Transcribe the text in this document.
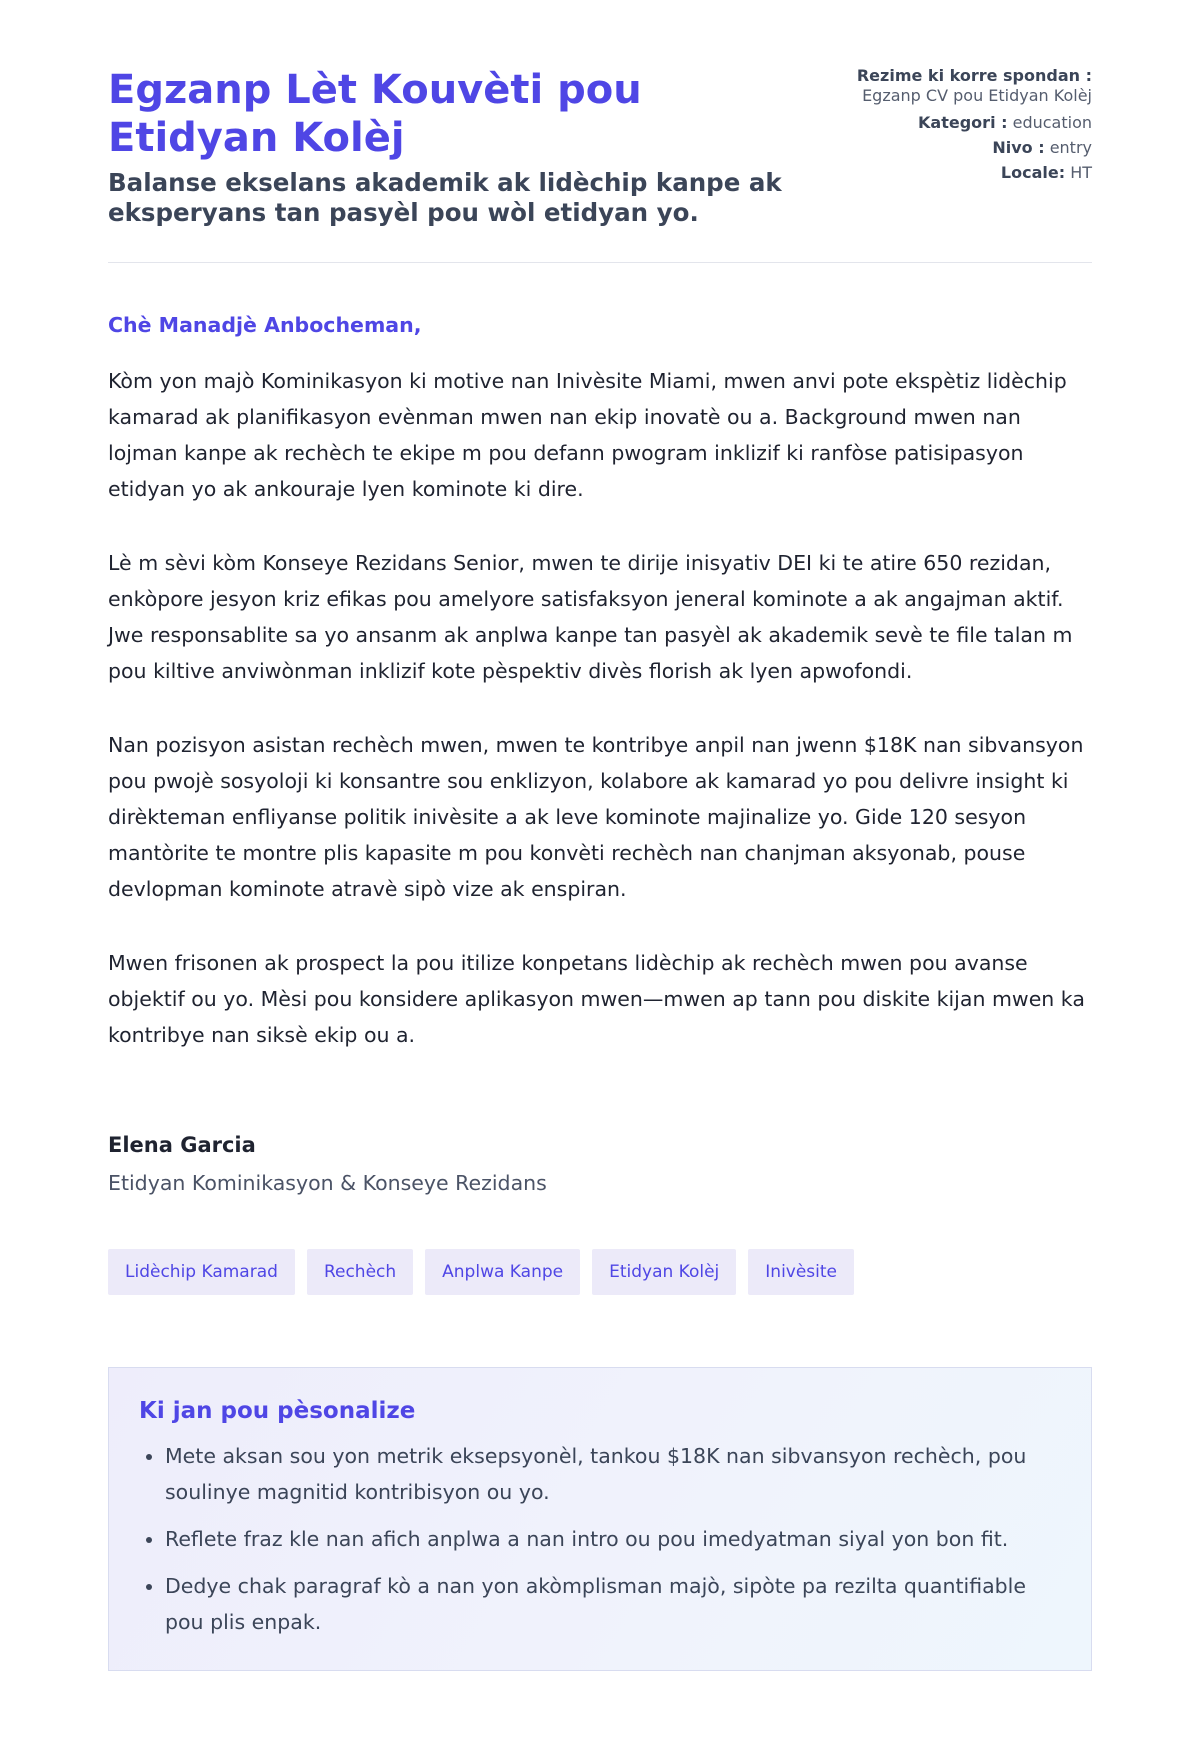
Egzanp Lèt Kouvèti pou Etidyan Kolèj
Balanse ekselans akademik ak lidèchip kanpe ak eksperyans tan pasyèl pou wòl etidyan yo.
Rezime ki korre spondan :
Egzanp CV pou Etidyan Kolèj
Kategori : education
Nivo : entry
Locale: HT

Chè Manadjè Anbocheman,

Kòm yon majò Kominikasyon ki motive nan Inivèsite Miami, mwen anvi pote ekspètiz lidèchip kamarad ak planifikasyon evènman mwen nan ekip inovatè ou a. Background mwen nan lojman kanpe ak rechèch te ekipe m pou defann pwogram inklizif ki ranfòse patisipasyon etidyan yo ak ankouraje lyen kominote ki dire.

Lè m sèvi kòm Konseye Rezidans Senior, mwen te dirije inisyativ DEI ki te atire 650 rezidan, enkòpore jesyon kriz efikas pou amelyore satisfaksyon jeneral kominote a ak angajman aktif. Jwe responsablite sa yo ansanm ak anplwa kanpe tan pasyèl ak akademik sevè te file talan m pou kiltive anviwònman inklizif kote pèspektiv divès florish ak lyen apwofondi.

Nan pozisyon asistan rechèch mwen, mwen te kontribye anpil nan jwenn $18K nan sibvansyon pou pwojè sosyoloji ki konsantre sou enklizyon, kolabore ak kamarad yo pou delivre insight ki dirèkteman enfliyanse politik inivèsite a ak leve kominote majinalize yo. Gide 120 sesyon mantòrite te montre plis kapasite m pou konvèti rechèch nan chanjman aksyonab, pouse devlopman kominote atravè sipò vize ak enspiran.

Mwen frisonen ak prospect la pou itilize konpetans lidèchip ak rechèch mwen pou avanse objektif ou yo. Mèsi pou konsidere aplikasyon mwen—mwen ap tann pou diskite kijan mwen ka kontribye nan siksè ekip ou a.

Elena Garcia

Etidyan Kominikasyon & Konseye Rezidans

Lidèchip Kamarad	Rechèch	Anplwa Kanpe	Etidyan Kolèj	Inivèsite
Ki jan pou pèsonalize
• Mete aksan sou yon metrik eksepsyonèl, tankou $18K nan sibvansyon rechèch, pou soulinye magnitid kontribisyon ou yo.
• Reflete fraz kle nan afich anplwa a nan intro ou pou imedyatman siyal yon bon fit.
• Dedye chak paragraf kò a nan yon akòmplisman majò, sipòte pa rezilta quantifiable pou plis enpak.
